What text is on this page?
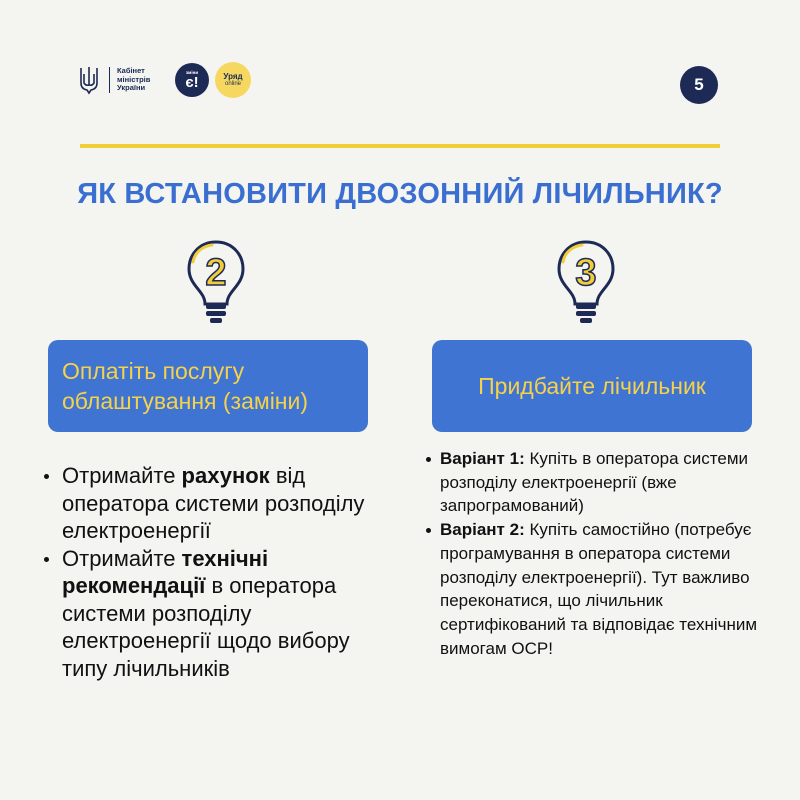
Кабінет
міністрів
України
зміни
є!	Уряд
online	5
ЯК ВСТАНОВИТИ ДВОЗОННИЙ ЛІЧИЛЬНИК?
2	3
Оплатіть послугу
облаштування (заміни)
Придбайте лічильник
Отримайте рахунок від оператора системи розподілу електроенергії
Отримайте технічні рекомендації в оператора системи розподілу електроенергії щодо вибору типу лічильників
Варіант 1: Купіть в оператора системи розподілу електроенергії (вже запрограмований)
Варіант 2: Купіть самостійно (потребує програмування в оператора системи розподілу електроенергії). Тут важливо переконатися, що лічильник сертифікований та відповідає технічним вимогам ОСР!
